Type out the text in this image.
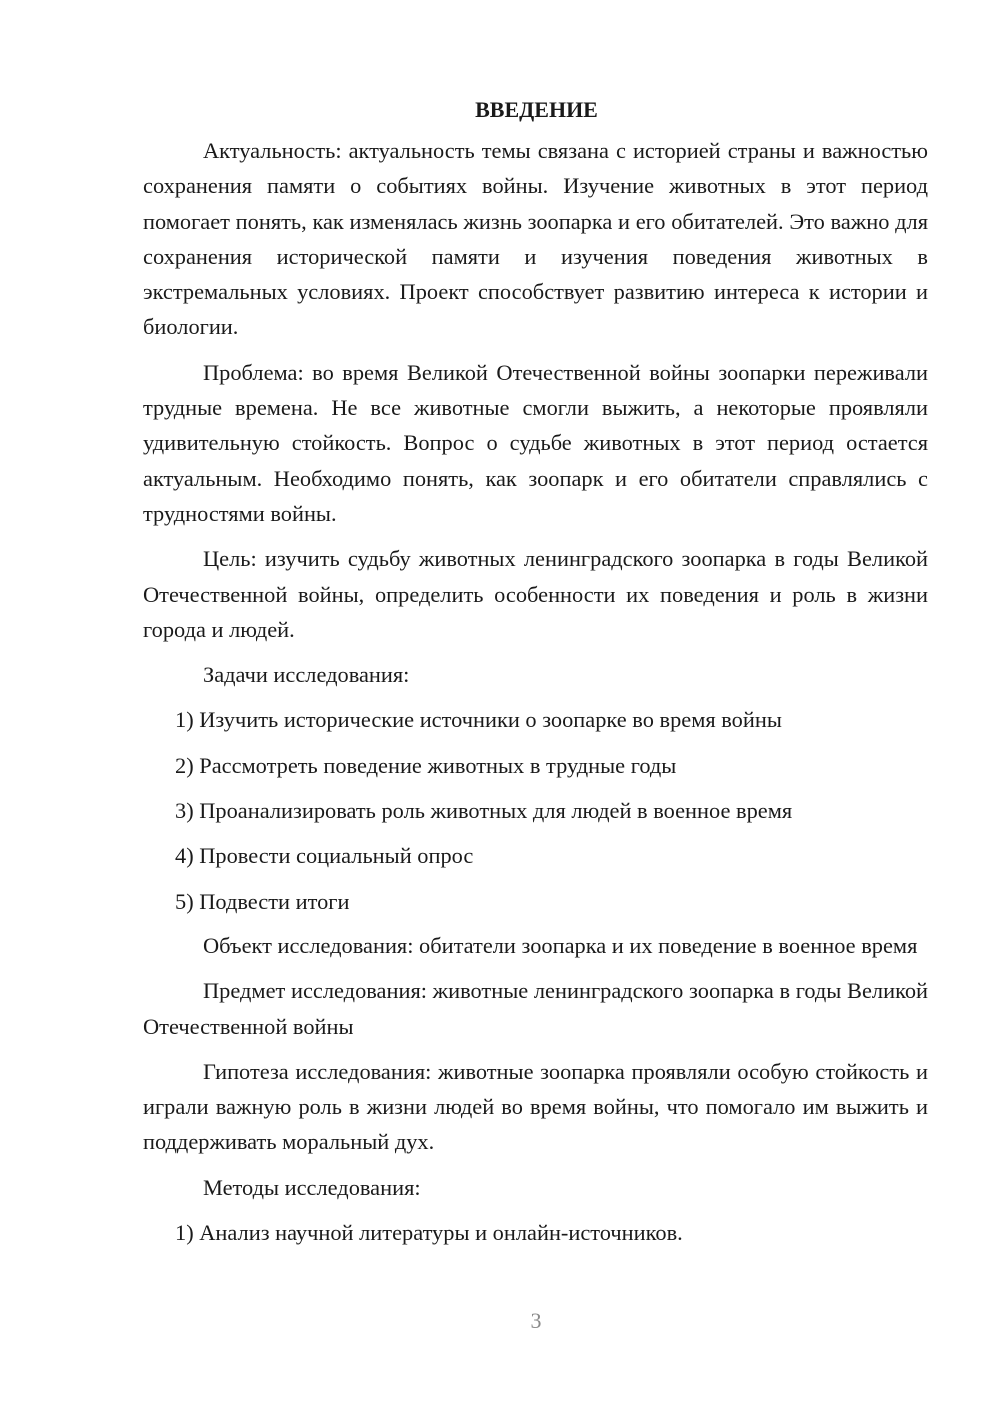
ВВЕДЕНИЕ

Актуальность: актуальность темы связана с историей страны и важностью сохранения памяти о событиях войны. Изучение животных в этот период помогает понять, как изменялась жизнь зоопарка и его обитателей. Это важно для сохранения исторической памяти и изучения поведения животных в экстремальных условиях. Проект способствует развитию интереса к истории и биологии.

Проблема: во время Великой Отечественной войны зоопарки переживали трудные времена. Не все животные смогли выжить, а некоторые проявляли удивительную стойкость. Вопрос о судьбе животных в этот период остается актуальным. Необходимо понять, как зоопарк и его обитатели справлялись с трудностями войны.

Цель: изучить судьбу животных ленинградского зоопарка в годы Великой Отечественной войны, определить особенности их поведения и роль в жизни города и людей.

Задачи исследования:

1) Изучить исторические источники о зоопарке во время войны

2) Рассмотреть поведение животных в трудные годы

3) Проанализировать роль животных для людей в военное время

4) Провести социальный опрос

5) Подвести итоги

Объект исследования: обитатели зоопарка и их поведение в военное время

Предмет исследования: животные ленинградского зоопарка в годы Великой Отечественной войны

Гипотеза исследования: животные зоопарка проявляли особую стойкость и играли важную роль в жизни людей во время войны, что помогало им выжить и поддерживать моральный дух.

Методы исследования:

1) Анализ научной литературы и онлайн-источников.

3
